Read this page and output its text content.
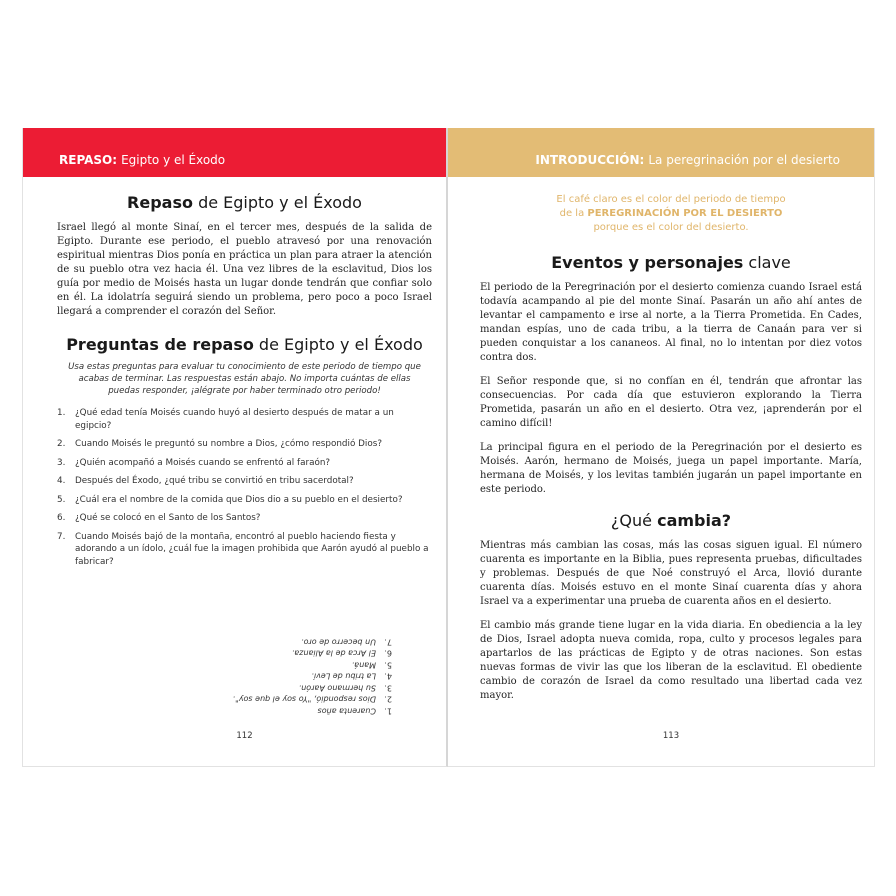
REPASO: Egipto y el Éxodo
Repaso de Egipto y el Éxodo

Israel llegó al monte Sinaí, en el tercer mes, después de la salida de Egipto. Durante ese periodo, el pueblo atravesó por una renovación espiritual mientras Dios ponía en práctica un plan para atraer la atención de su pueblo otra vez hacia él. Una vez libres de la esclavitud, Dios los guía por medio de Moisés hasta un lugar donde tendrán que confiar solo en él. La idolatría seguirá siendo un problema, pero poco a poco Israel llegará a comprender el corazón del Señor.

Preguntas de repaso de Egipto y el Éxodo
Usa estas preguntas para evaluar tu conocimiento de este periodo de tiempo que acabas de terminar. Las respuestas están abajo. No importa cuántas de ellas puedas responder, ¡alégrate por haber terminado otro periodo!
1.	¿Qué edad tenía Moisés cuando huyó al desierto después de matar a un egipcio?
2.	Cuando Moisés le preguntó su nombre a Dios, ¿cómo respondió Dios?
3.	¿Quién acompañó a Moisés cuando se enfrentó al faraón?
4.	Después del Éxodo, ¿qué tribu se convirtió en tribu sacerdotal?
5.	¿Cuál era el nombre de la comida que Dios dio a su pueblo en el desierto?
6.	¿Qué se colocó en el Santo de los Santos?
7.	Cuando Moisés bajó de la montaña, encontró al pueblo haciendo fiesta y adorando a un ídolo, ¿cuál fue la imagen prohibida que Aarón ayudó al pueblo a fabricar?
1.
Cuarenta años
2.
Dios respondió, "Yo soy el que soy".
3.
Su hermano Aarón.
4.
La tribu de Leví.
5.
Maná.
6.
El Arca de la Alianza.
7.
Un becerro de oro.
112
INTRODUCCIÓN: La peregrinación por el desierto
El café claro es el color del periodo de tiempo
de la PEREGRINACIÓN POR EL DESIERTO
porque es el color del desierto.
Eventos y personajes clave

El periodo de la Peregrinación por el desierto comienza cuando Israel está todavía acampando al pie del monte Sinaí. Pasarán un año ahí antes de levantar el campamento e irse al norte, a la Tierra Prometida. En Cades, mandan espías, uno de cada tribu, a la tierra de Canaán para ver si pueden conquistar a los cananeos. Al final, no lo intentan por diez votos contra dos.

El Señor responde que, si no confían en él, tendrán que afrontar las consecuencias. Por cada día que estuvieron explorando la Tierra Prometida, pasarán un año en el desierto. Otra vez, ¡aprenderán por el camino difícil!

La principal figura en el periodo de la Peregrinación por el desierto es Moisés. Aarón, hermano de Moisés, juega un papel importante. María, hermana de Moisés, y los levitas también jugarán un papel importante en este periodo.

¿Qué cambia?

Mientras más cambian las cosas, más las cosas siguen igual. El número cuarenta es importante en la Biblia, pues representa pruebas, dificultades y problemas. Después de que Noé construyó el Arca, llovió durante cuarenta días. Moisés estuvo en el monte Sinaí cuarenta días y ahora Israel va a experimentar una prueba de cuarenta años en el desierto.

El cambio más grande tiene lugar en la vida diaria. En obediencia a la ley de Dios, Israel adopta nueva comida, ropa, culto y procesos legales para apartarlos de las prácticas de Egipto y de otras naciones. Son estas nuevas formas de vivir las que los liberan de la esclavitud. El obediente cambio de corazón de Israel da como resultado una libertad cada vez mayor.

113
